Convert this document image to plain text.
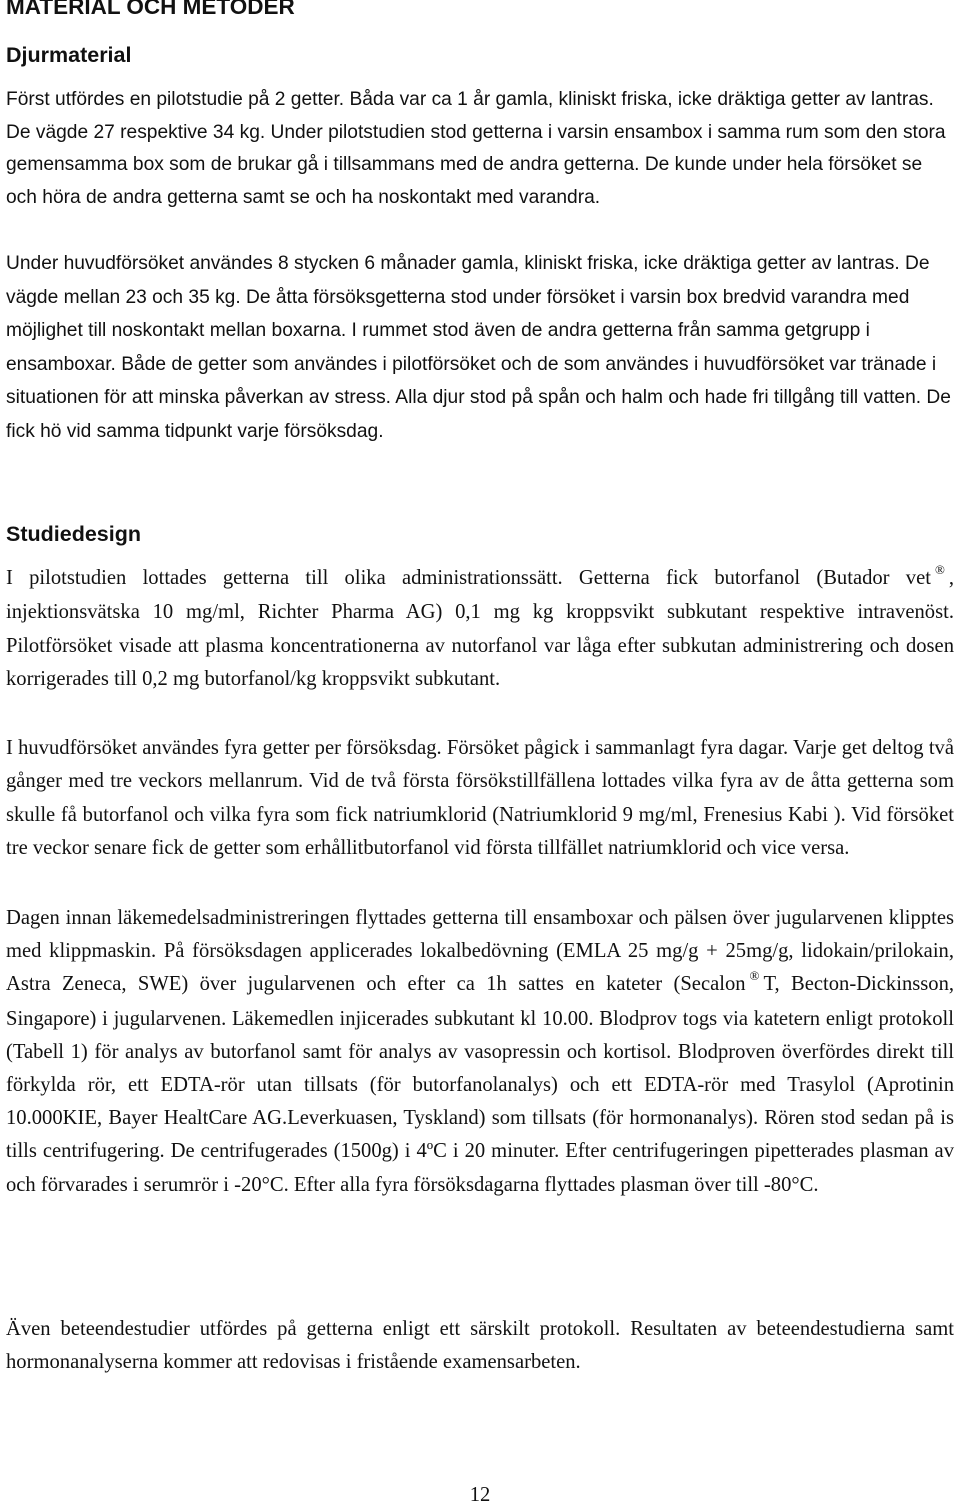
MATERIAL OCH METODER
Djurmaterial

Först utfördes en pilotstudie på 2 getter. Båda var ca 1 år gamla, kliniskt friska, icke dräktiga getter av lantras. De vägde 27 respektive 34 kg. Under pilotstudien stod getterna i varsin ensambox i samma rum som den stora gemensamma box som de brukar gå i tillsammans med de andra getterna. De kunde under hela försöket se och höra de andra getterna samt se och ha noskontakt med varandra.

Under huvudförsöket användes 8 stycken 6 månader gamla, kliniskt friska, icke dräktiga getter av lantras. De vägde mellan 23 och 35 kg. De åtta försöksgetterna stod under försöket i varsin box bredvid varandra med möjlighet till noskontakt mellan boxarna. I rummet stod även de andra getterna från samma getgrupp i ensamboxar. Både de getter som användes i pilotförsöket och de som användes i huvudförsöket var tränade i situationen för att minska påverkan av stress. Alla djur stod på spån och halm och hade fri tillgång till vatten. De fick hö vid samma tidpunkt varje försöksdag.

Studiedesign

I pilotstudien lottades getterna till olika administrationssätt. Getterna fick butorfanol (Butador vet ® , injektionsvätska 10 mg/ml, Richter Pharma AG) 0,1 mg kg kroppsvikt subkutant respektive intravenöst. Pilotförsöket visade att plasma koncentrationerna av nutorfanol var låga efter subkutan administrering och dosen korrigerades till 0,2 mg butorfanol/kg kroppsvikt subkutant.

I huvudförsöket användes fyra getter per försöksdag. Försöket pågick i sammanlagt fyra dagar. Varje get deltog två gånger med tre veckors mellanrum. Vid de två första försökstillfällena lottades vilka fyra av de åtta getterna som skulle få butorfanol och vilka fyra som fick natriumklorid (Natriumklorid 9 mg/ml, Frenesius Kabi ). Vid försöket tre veckor senare fick de getter som erhållitbutorfanol vid första tillfället natriumklorid och vice versa.

Dagen innan läkemedelsadministreringen flyttades getterna till ensamboxar och pälsen över jugularvenen klipptes med klippmaskin. På försöksdagen applicerades lokalbedövning (EMLA 25 mg/g + 25mg/g, lidokain/prilokain, Astra Zeneca, SWE) över jugularvenen och efter ca 1h sattes en kateter (Secalon ® T, Becton-Dickinsson, Singapore) i jugularvenen. Läkemedlen injicerades subkutant kl 10.00. Blodprov togs via katetern enligt protokoll (Tabell 1) för analys av butorfanol samt för analys av vasopressin och kortisol. Blodproven överfördes direkt till förkylda rör, ett EDTA-rör utan tillsats (för butorfanolanalys) och ett EDTA-rör med Trasylol (Aprotinin 10.000KIE, Bayer HealtCare AG.Leverkuasen, Tyskland) som tillsats (för hormonanalys). Rören stod sedan på is tills centrifugering. De centrifugerades (1500g) i 4ºC i 20 minuter. Efter centrifugeringen pipetterades plasman av och förvarades i serumrör i -20°C. Efter alla fyra försöksdagarna flyttades plasman över till -80°C.

Även beteendestudier utfördes på getterna enligt ett särskilt protokoll. Resultaten av beteendestudierna samt hormonanalyserna kommer att redovisas i fristående examensarbeten.

12
